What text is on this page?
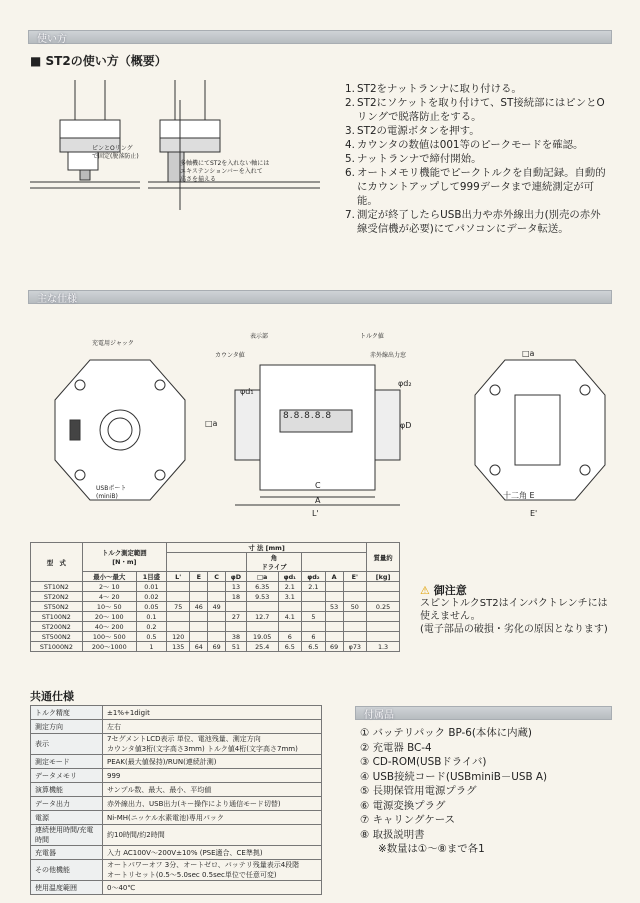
使い方
主な仕様
付属品
■ ST2の使い方（概要）
ピンとOリング
で固定(脱落防止)
多軸機にてST2を入れない軸には
エキステンションバーを入れて
高さを揃える
1. ST2をナットランナに取り付ける。
2. ST2にソケットを取り付けて、ST接続部にはピンとOリングで脱落防止をする。
3. ST2の電源ボタンを押す。
4. カウンタの数値は001等のピークモードを確認。
5. ナットランナで締付開始。
6. オートメモリ機能でピークトルクを自動記録。自動的にカウントアップして999データまで連続測定が可能。
7. 測定が終了したらUSB出力や赤外線出力(別売の赤外線受信機が必要)にてパソコンにデータ転送。
充電用ジャック
USBポート
(miniB)
表示部
カウンタ値
トルク値
赤外線出力窓
8.8.8.8.8
C
A
L'	E'
□a
φd₁
φd₂
φD
十二角 E
□a
型　式	トルク測定範囲
[N・m]		寸 法 [mm]									質量約
							角
ドライブ					
	最小〜最大	1目盛	L'	E	C	φD	□a	φd₁	φd₂	A	E'	[kg]
ST10N2	2〜 10	0.01				13	6.35	2.1	2.1			
ST20N2	4〜 20	0.02				18	9.53	3.1				
ST50N2	10〜 50	0.05	75	46	49					53	50	0.25
ST100N2	20〜 100	0.1				27	12.7	4.1	5			
ST200N2	40〜 200	0.2										
ST500N2	100〜 500	0.5	120			38	19.05	6	6			
ST1000N2	200〜1000	1	135	64	69	51	25.4	6.5	6.5	69	φ73	1.3
⚠ 御注意
スピントルクST2はインパクトレンチには使えません。
(電子部品の破損・劣化の原因となります)
共通仕様
トルク精度	±1%+1digit
測定方向	左右
表示	7セグメントLCD表示 単位、電池残量、測定方向
カウンタ値3桁(文字高さ3mm) トルク値4桁(文字高さ7mm)
測定モード	PEAK(最大値保持)/RUN(連続計測)
データメモリ	999
演算機能	サンプル数、最大、最小、平均値
データ出力	赤外線出力、USB出力(キー操作により通信モード切替)
電源	Ni-MH(ニッケル水素電池)専用パック
連続使用時間/充電時間	約10時間/約2時間
充電器	入力 AC100V〜200V±10% (PSE適合、CE準拠)
その他機能	オートパワーオフ 3分、オートゼロ、バッテリ残量表示4段階
オートリセット(0.5〜5.0sec 0.5sec単位で任意可変)
使用温度範囲	0〜40℃
① バッテリパック BP-6(本体に内蔵)
② 充電器 BC-4
③ CD-ROM(USBドライバ)
④ USB接続コード(USBminiB－USB A)
⑤ 長期保管用電源プラグ
⑥ 電源変換プラグ
⑦ キャリングケース
⑧ 取扱説明書
※数量は①〜⑧まで各1
